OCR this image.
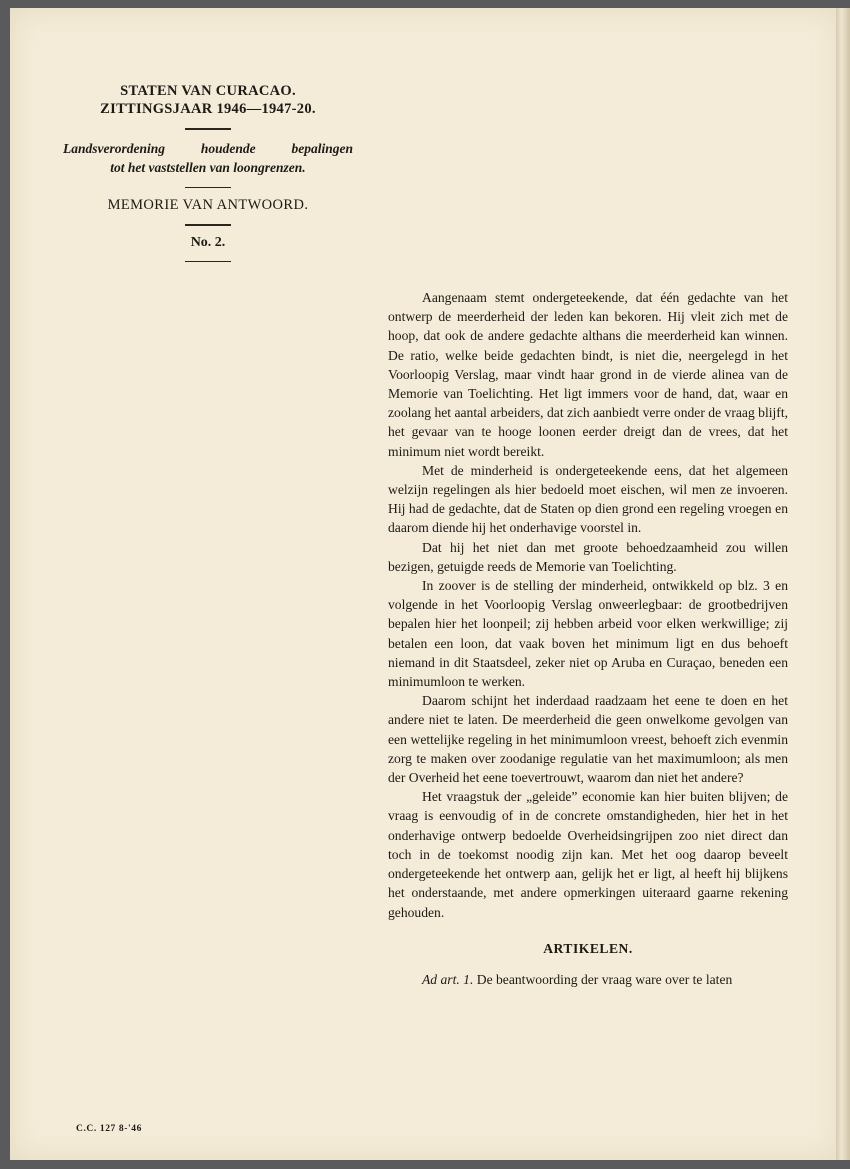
STATEN VAN CURACAO.
ZITTINGSJAAR 1946—1947-20.
Landsverordening houdende bepalingen
tot het vaststellen van loongrenzen.
MEMORIE VAN ANTWOORD.
No. 2.

Aangenaam stemt ondergeteekende, dat één gedachte van het ontwerp de meerderheid der leden kan bekoren. Hij vleit zich met de hoop, dat ook de andere gedachte althans die meerderheid kan winnen. De ratio, welke beide gedachten bindt, is niet die, neergelegd in het Voorloopig Verslag, maar vindt haar grond in de vierde alinea van de Memorie van Toelichting. Het ligt immers voor de hand, dat, waar en zoolang het aantal arbeiders, dat zich aanbiedt verre onder de vraag blijft, het gevaar van te hooge loonen eerder dreigt dan de vrees, dat het minimum niet wordt bereikt.

Met de minderheid is ondergeteekende eens, dat het algemeen welzijn regelingen als hier bedoeld moet eischen, wil men ze invoeren. Hij had de gedachte, dat de Staten op dien grond een regeling vroegen en daarom diende hij het onderhavige voorstel in.

Dat hij het niet dan met groote behoedzaamheid zou willen bezigen, getuigde reeds de Memorie van Toelichting.

In zoover is de stelling der minderheid, ontwikkeld op blz. 3 en volgende in het Voorloopig Verslag onweerlegbaar: de grootbedrijven bepalen hier het loonpeil; zij hebben arbeid voor elken werkwillige; zij betalen een loon, dat vaak boven het minimum ligt en dus behoeft niemand in dit Staatsdeel, zeker niet op Aruba en Curaçao, beneden een minimumloon te werken.

Daarom schijnt het inderdaad raadzaam het eene te doen en het andere niet te laten. De meerderheid die geen onwelkome gevolgen van een wettelijke regeling in het minimumloon vreest, behoeft zich evenmin zorg te maken over zoodanige regulatie van het maximumloon; als men der Overheid het eene toevertrouwt, waarom dan niet het andere?

Het vraagstuk der „geleide” economie kan hier buiten blijven; de vraag is eenvoudig of in de concrete omstandigheden, hier het in het onderhavige ontwerp bedoelde Overheidsingrijpen zoo niet direct dan toch in de toekomst noodig zijn kan. Met het oog daarop beveelt ondergeteekende het ontwerp aan, gelijk het er ligt, al heeft hij blijkens het onderstaande, met andere opmerkingen uiteraard gaarne rekening gehouden.

ARTIKELEN.

Ad art. 1. De beantwoording der vraag ware over te laten

C.C. 127 8-'46
